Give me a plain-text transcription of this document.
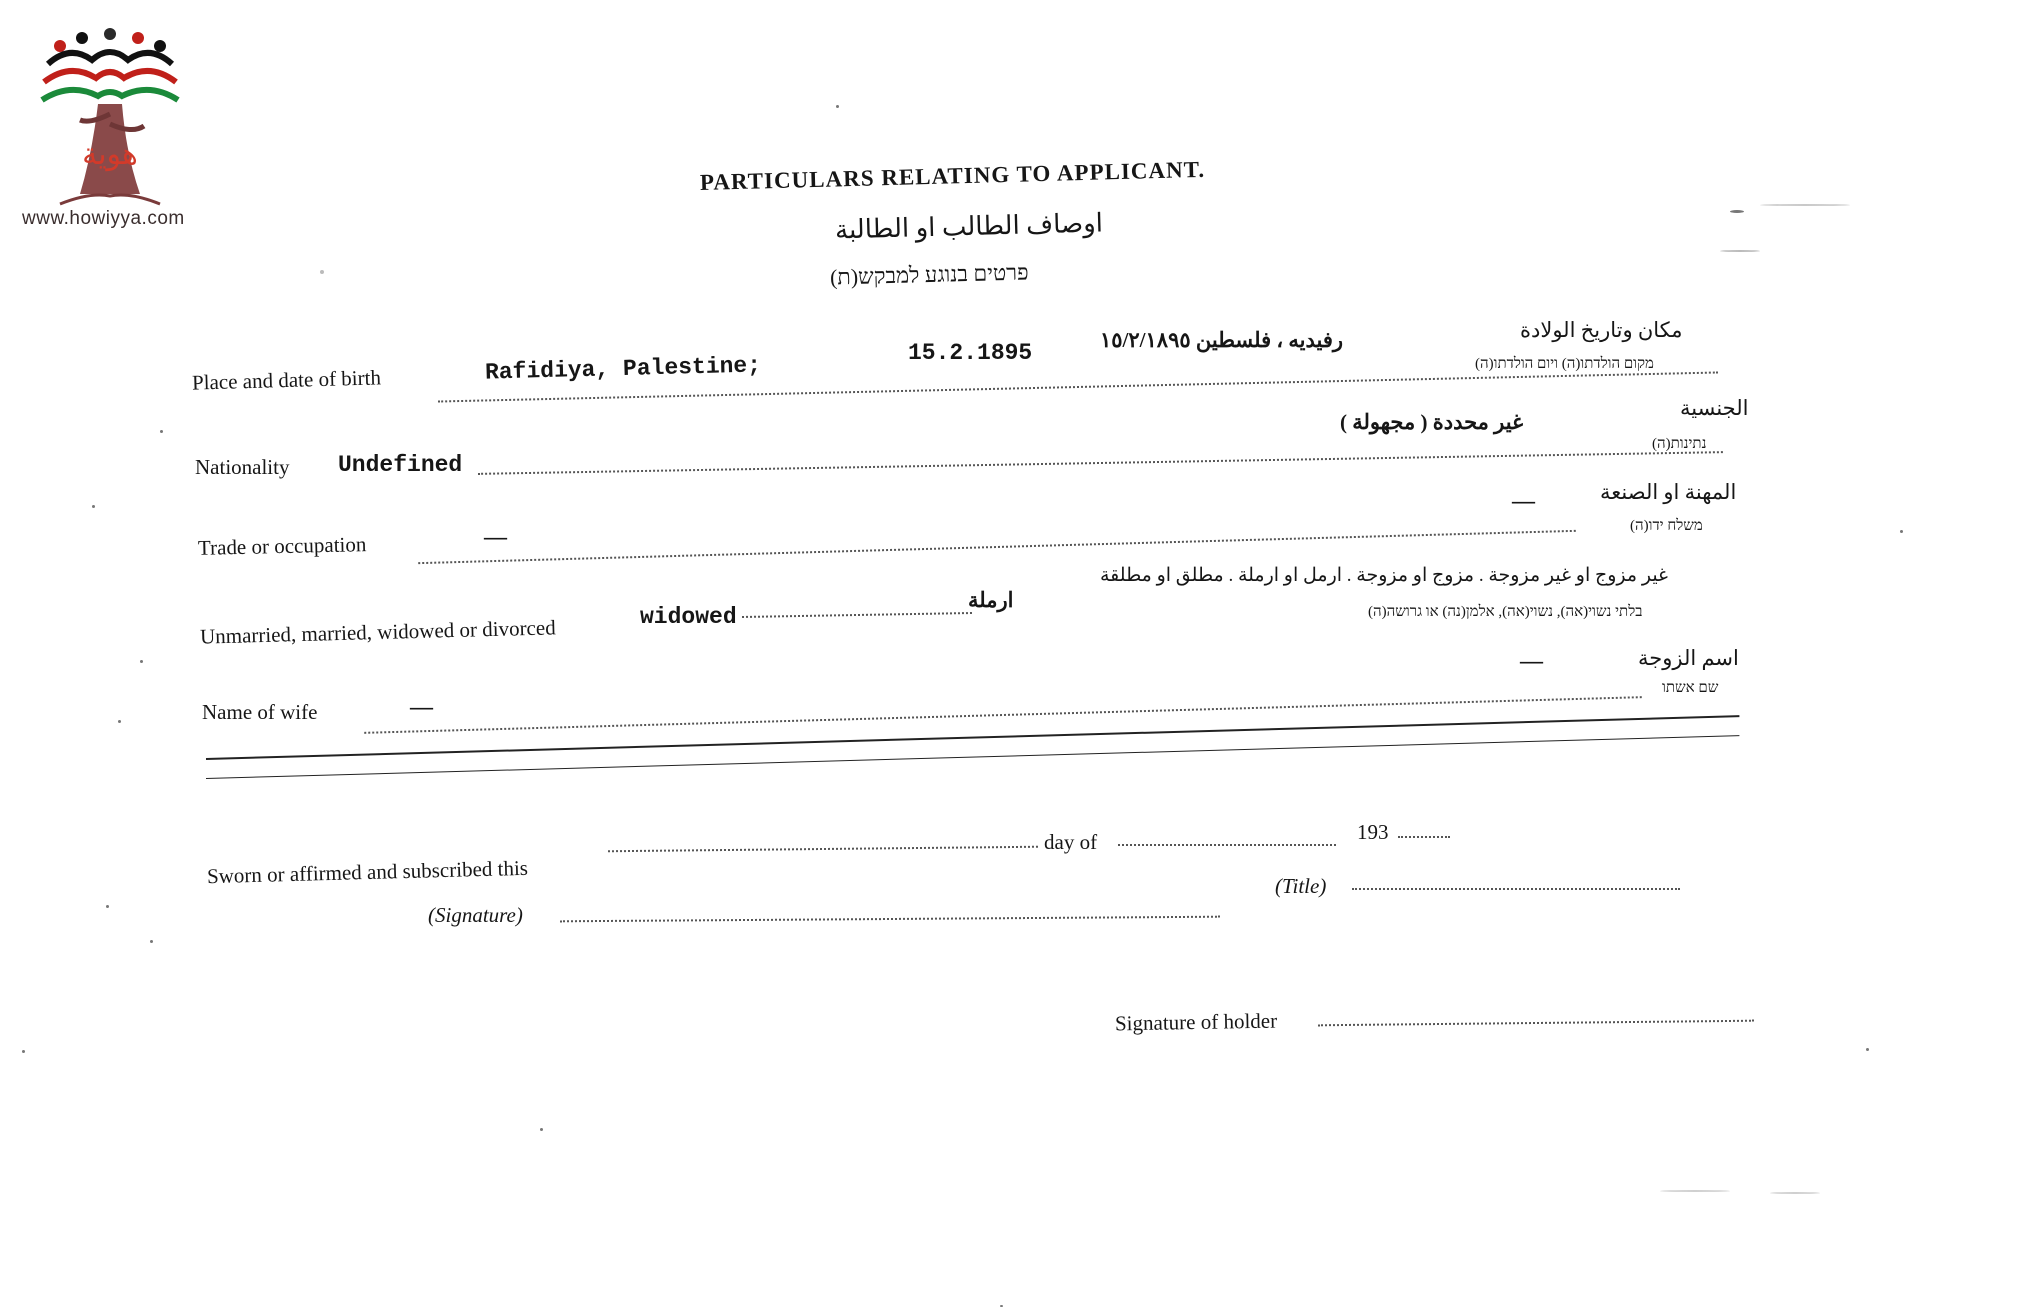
هوية
www.howiyya.com
PARTICULARS RELATING TO APPLICANT.
اوصاف الطالب او الطالبة
פרטים בנוגע למבקש(ת)
Place and date of birth	Rafidiya, Palestine;	15.2.1895	رفيديه ، فلسطين ١٥/٢/١٨٩٥	مكان وتاريخ الولادة
מקום הולדתו(ה) ויום הולדתו(ה)
Nationality Undefined
غير محددة ( مجهولة )
الجنسية
נתינות(ה)
Trade or occupation	—
—	المهنة او الصنعة
משלח ידו(ה)
Unmarried, married, widowed or divorced	widowed
ارملة
غير مزوج او غير مزوجة . مزوج او مزوجة . ارمل او ارملة . مطلق او مطلقة
בלתי נשוי(אה), נשוי(אה), אלמן(נה) או גרושה(ה)
Name of wife	—
—	اسم الزوجة
שם אשתו
Sworn or affirmed and subscribed this
day of	193
(Signature)
(Title)
Signature of holder
